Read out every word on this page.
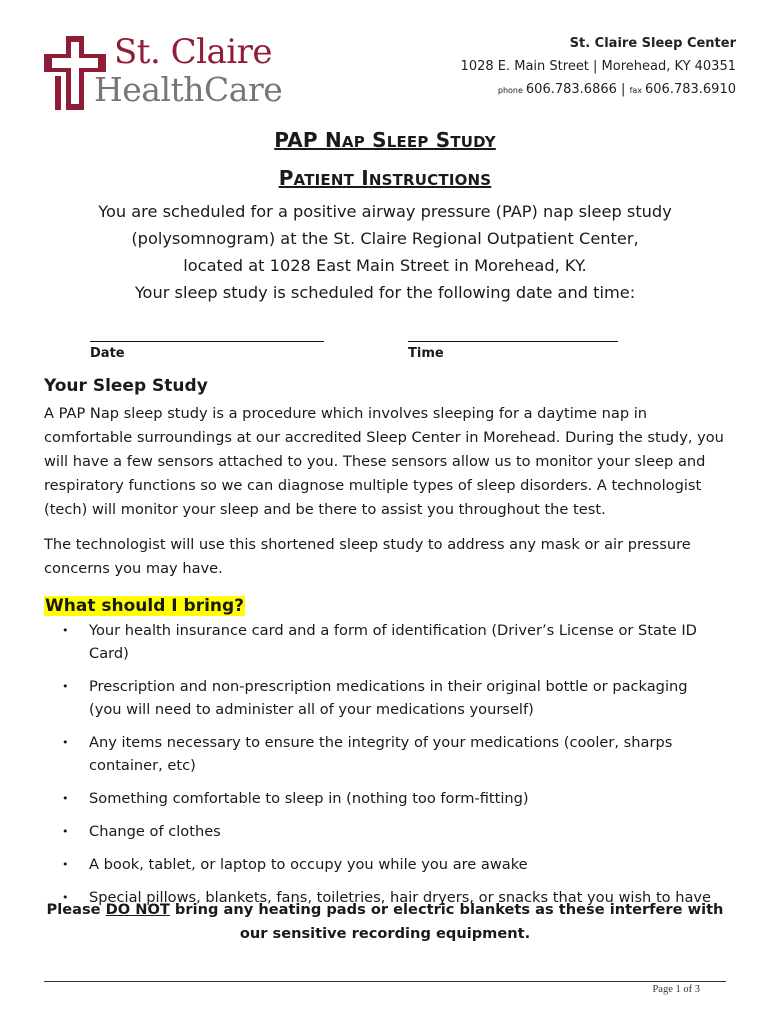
St. Claire
HealthCare
St. Claire Sleep Center
1028 E. Main Street | Morehead, KY 40351
phone 606.783.6866 | fax 606.783.6910
PAP NAP SLEEP STUDY
PATIENT INSTRUCTIONS
You are scheduled for a positive airway pressure (PAP) nap sleep study
(polysomnogram) at the St. Claire Regional Outpatient Center,
located at 1028 East Main Street in Morehead, KY.
Your sleep study is scheduled for the following date and time:
Date	Time
Your Sleep Study
A PAP Nap sleep study is a procedure which involves sleeping for a daytime nap in comfortable surroundings at our accredited Sleep Center in Morehead. During the study, you will have a few sensors attached to you. These sensors allow us to monitor your sleep and respiratory functions so we can diagnose multiple types of sleep disorders. A technologist (tech) will monitor your sleep and be there to assist you throughout the test.
The technologist will use this shortened sleep study to address any mask or air pressure concerns you may have.
What should I bring?
• Your health insurance card and a form of identification (Driver’s License or State ID Card)
• Prescription and non-prescription medications in their original bottle or packaging (you will need to administer all of your medications yourself)
• Any items necessary to ensure the integrity of your medications (cooler, sharps container, etc)
• Something comfortable to sleep in (nothing too form-fitting)
• Change of clothes
• A book, tablet, or laptop to occupy you while you are awake
• Special pillows, blankets, fans, toiletries, hair dryers, or snacks that you wish to have
Please DO NOT bring any heating pads or electric blankets as these interfere with our sensitive recording equipment.
Page 1 of 3
